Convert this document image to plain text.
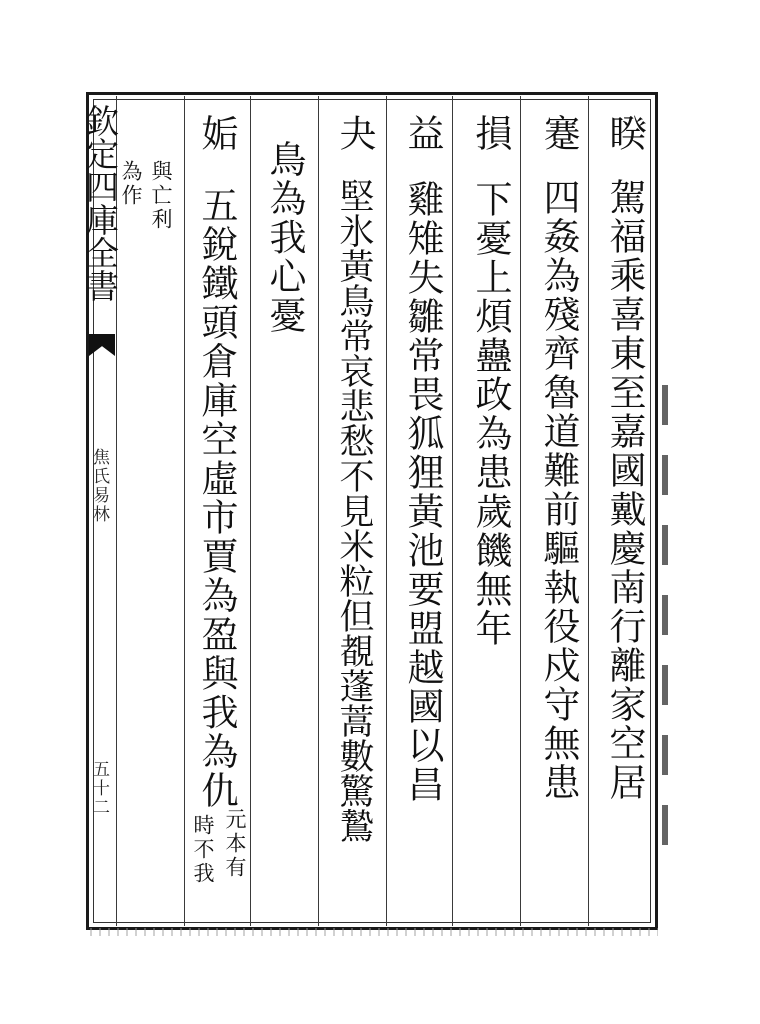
欽定四庫全書
焦氏易林
五十二
睽
駕福乘喜東至嘉國戴慶南行離家空居
蹇
四姦為殘齊魯道難前驅執役戍守無患
損
下憂上煩蠱政為患歲饑無年
益
雞雉失雛常畏狐狸黃池要盟越國以昌
夬
堅氷黃鳥常哀悲愁不見米粒但覩蓬蒿數驚鷙
鳥為我心憂
姤
五銳鐵頭倉庫空虛市賈為盈與我為仇
元本有
時不我
與亡利
為作
